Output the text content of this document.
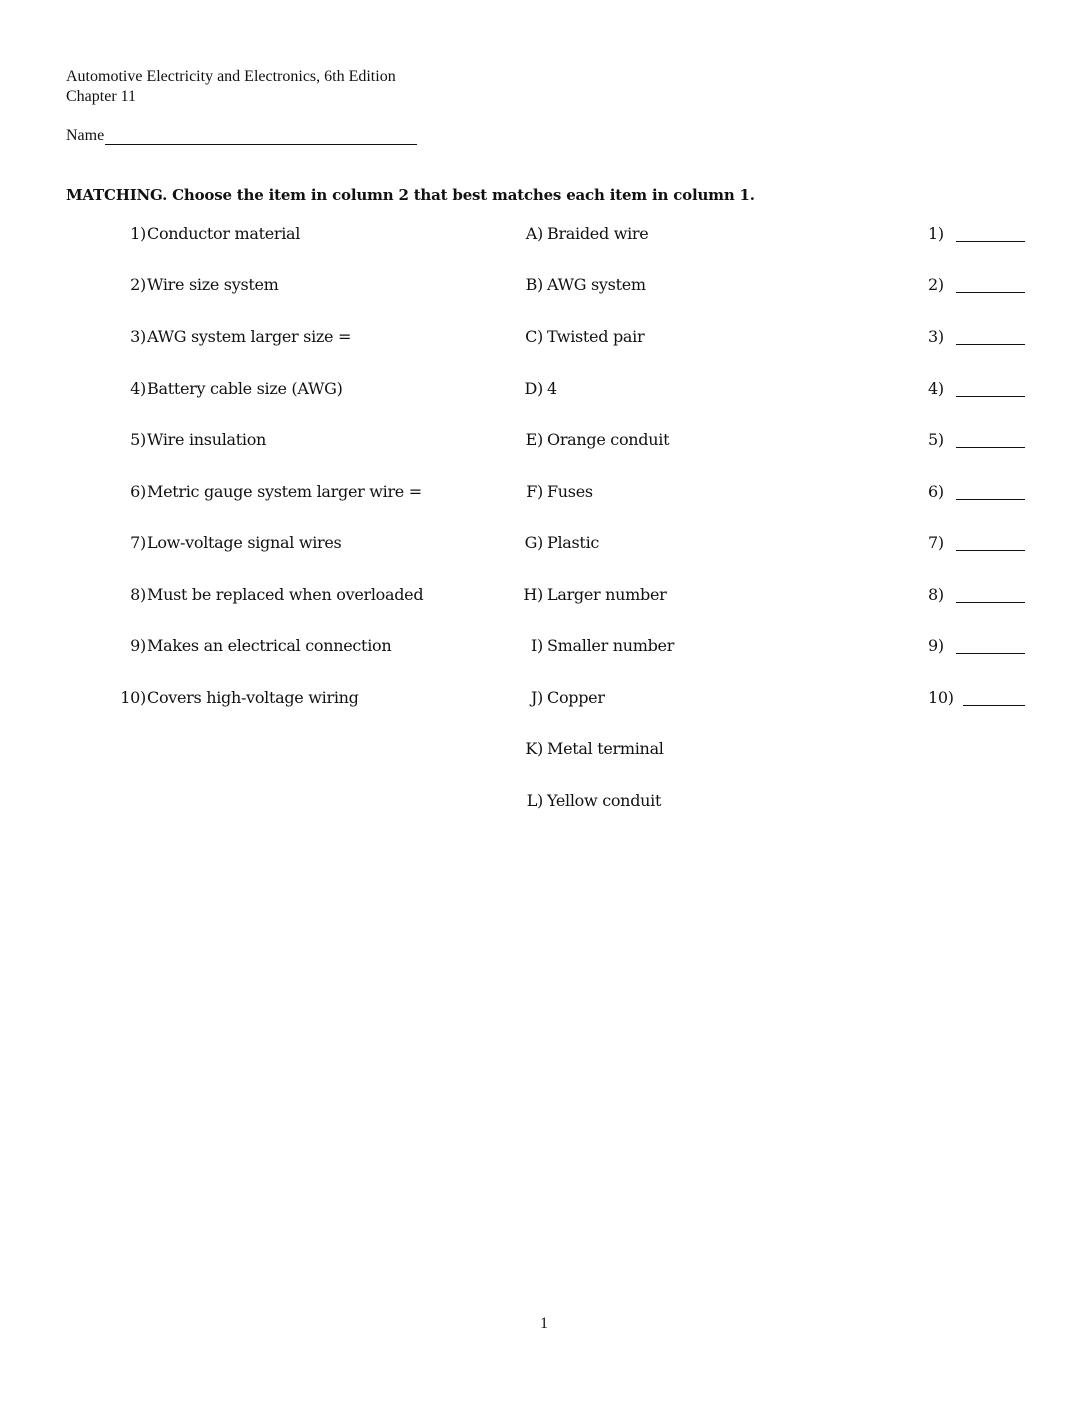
Automotive Electricity and Electronics, 6th Edition
Chapter 11
Name
MATCHING. Choose the item in column 2 that best matches each item in column 1.
1) Conductor material	A) Braided wire	1)
2) Wire size system	B) AWG system	2)
3) AWG system larger size =	C) Twisted pair	3)
4) Battery cable size (AWG)	D) 4	4)
5) Wire insulation	E) Orange conduit	5)
6) Metric gauge system larger wire =	F) Fuses	6)
7) Low-voltage signal wires	G) Plastic	7)
8) Must be replaced when overloaded	H) Larger number	8)
9) Makes an electrical connection	I) Smaller number	9)
10) Covers high-voltage wiring	J) Copper	10)
K) Metal terminal
L) Yellow conduit
1
